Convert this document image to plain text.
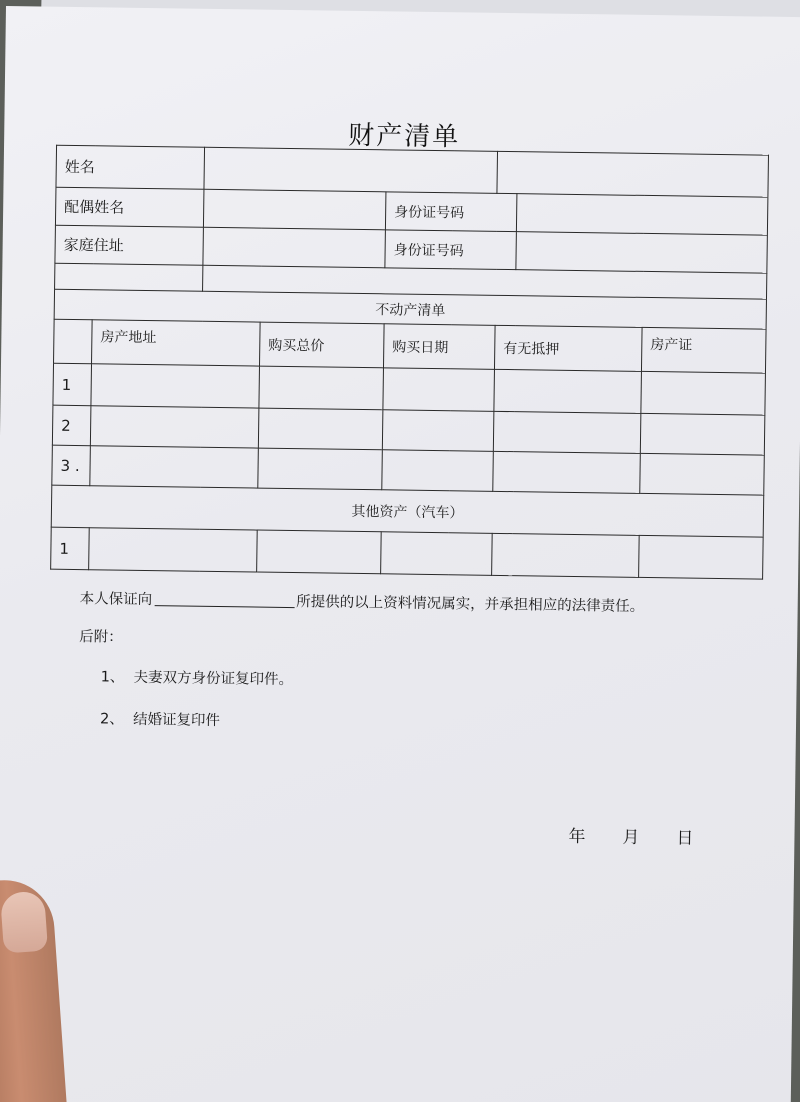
财产清单
姓名							
配偶姓名				身份证号码			
家庭住址				身份证号码			

不动产清单							
	房产地址		购买总价	购买日期	有无抵押		房产证
1							
2							
3 .							
其他资产（汽车）							
1							
本人保证向	所提供的以上资料情况属实，并承担相应的法律责任。
后附：
1、 夫妻双方身份证复印件。
2、 结婚证复印件
年 月 日
